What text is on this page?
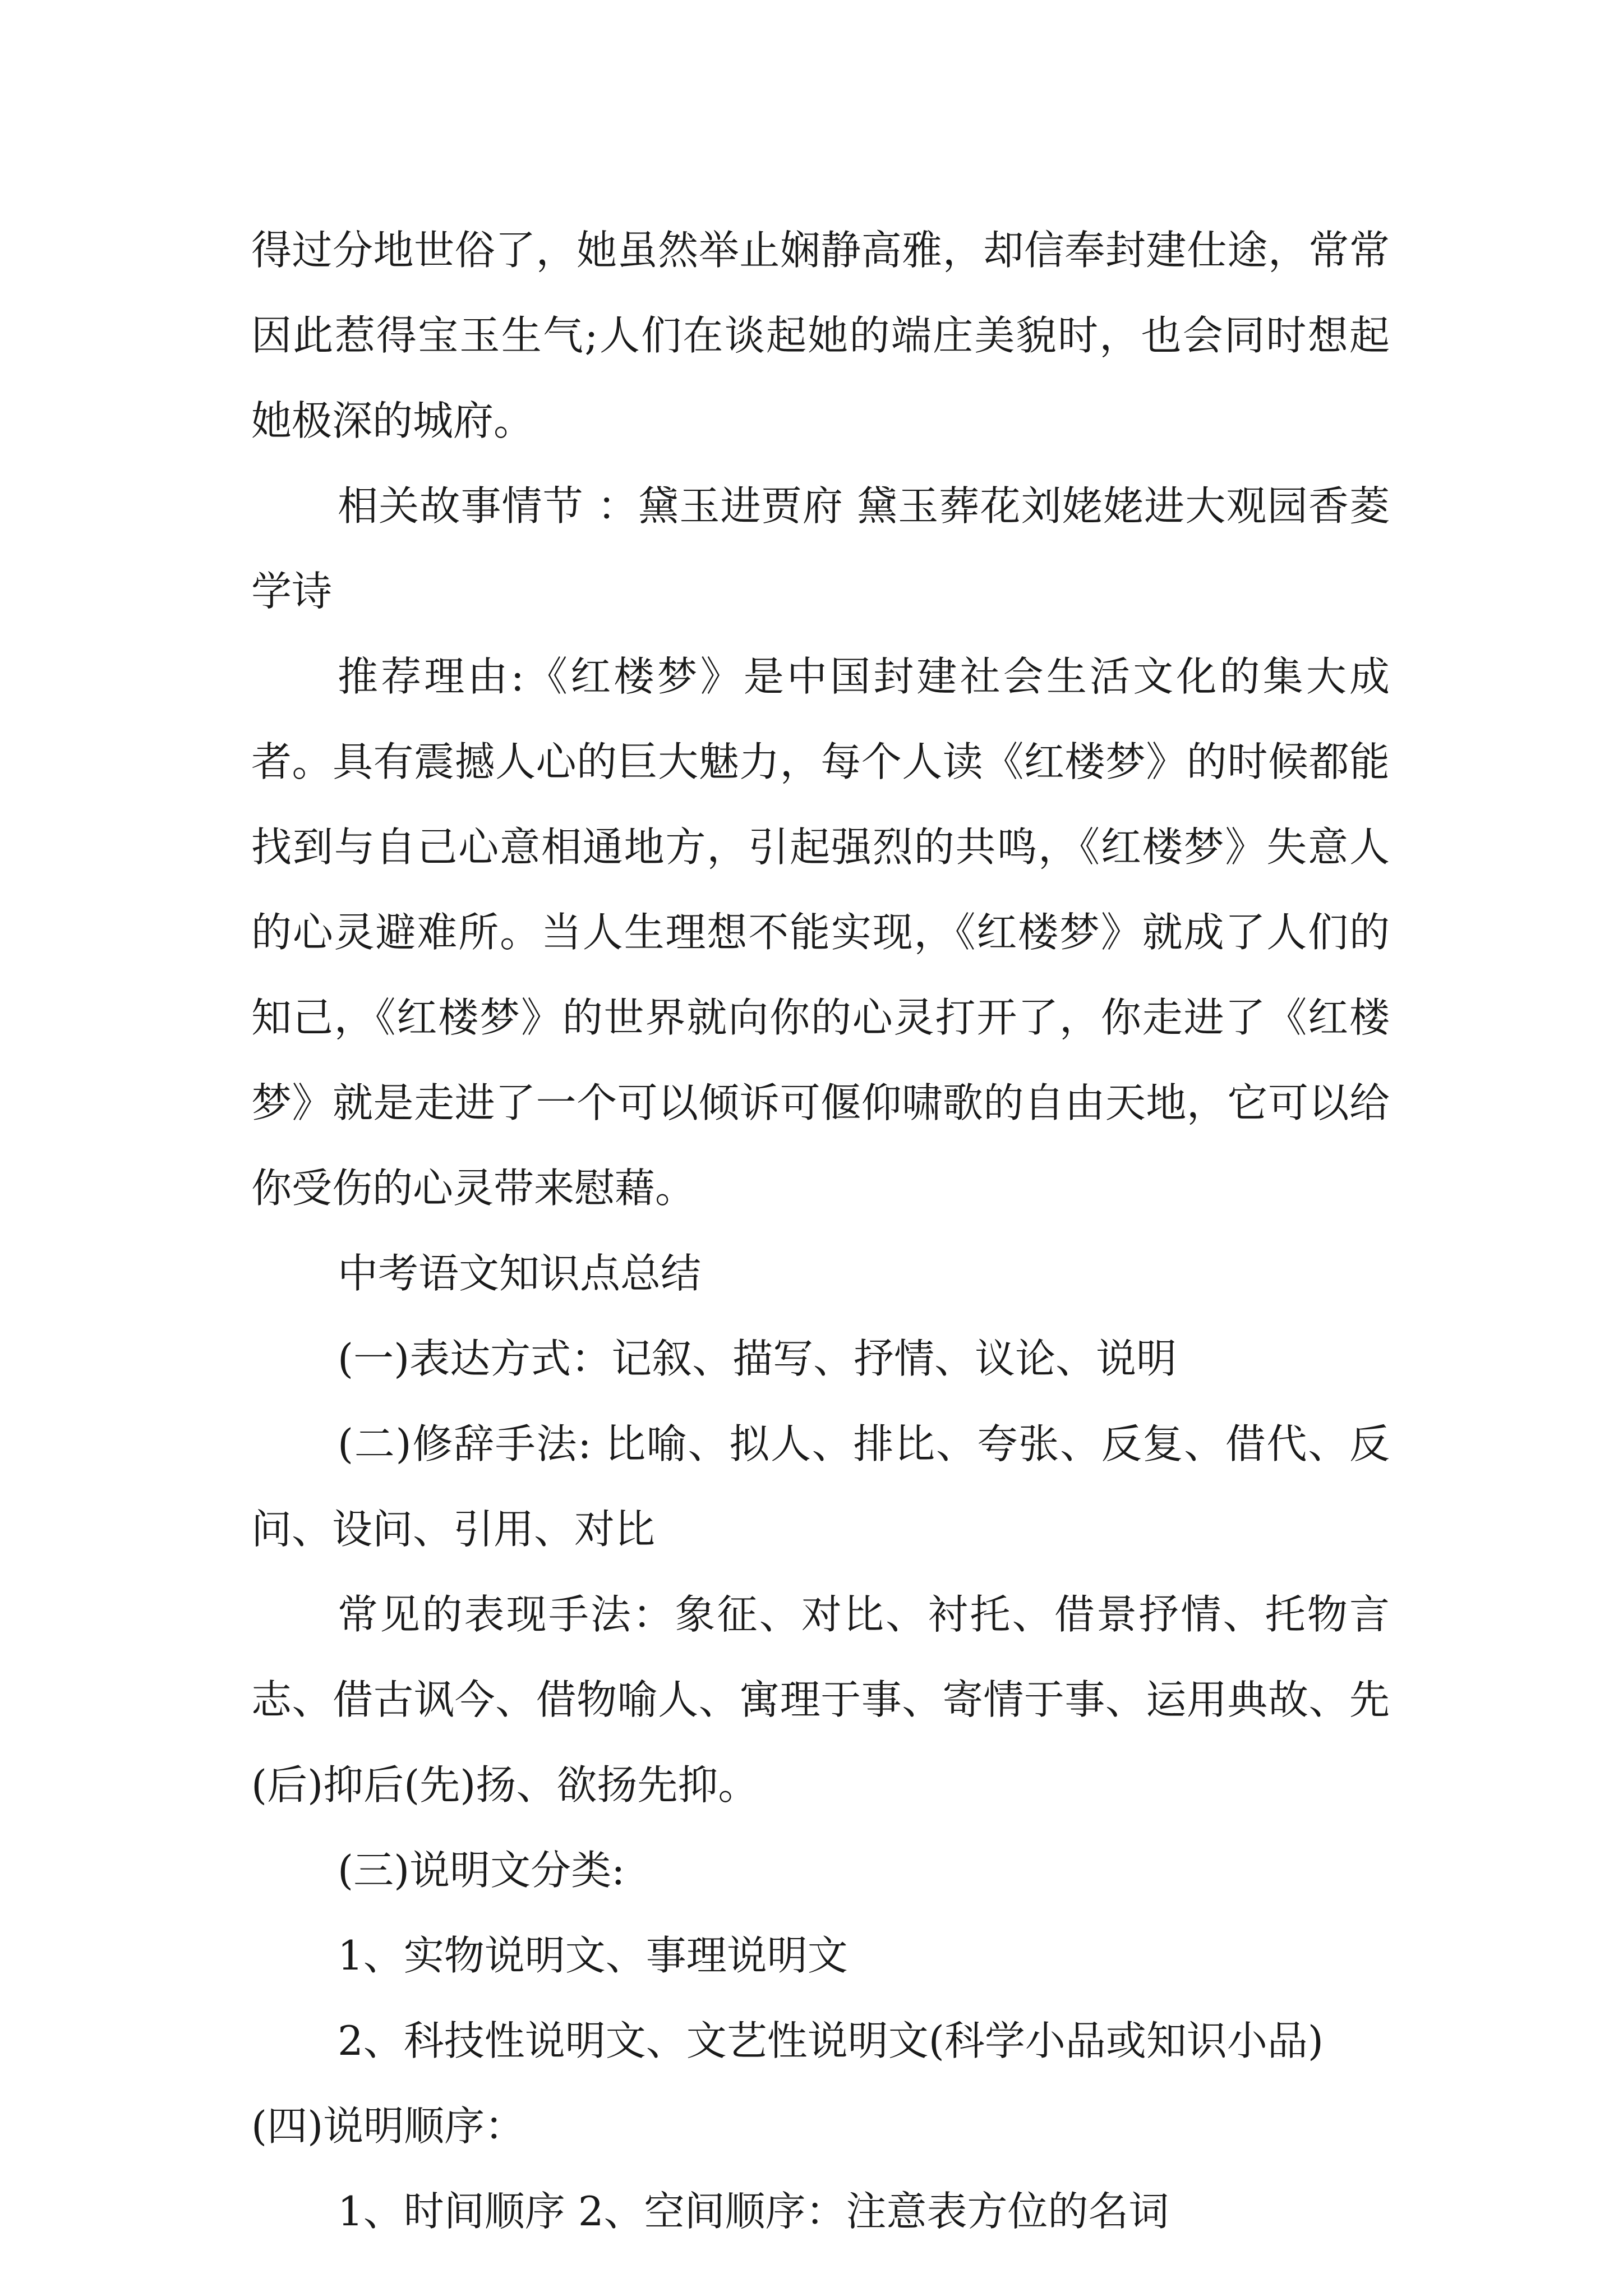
得过分地世俗了，她虽然举止娴静高雅，却信奉封建仕途，常常因此惹得宝玉生气;人们在谈起她的端庄美貌时，也会同时想起她极深的城府。

相关故事情节 ：黛玉进贾府 黛玉葬花刘姥姥进大观园香菱学诗

推荐理由:《红楼梦》是中国封建社会生活文化的集大成者。具有震撼人心的巨大魅力，每个人读《红楼梦》的时候都能找到与自己心意相通地方，引起强烈的共鸣，《红楼梦》失意人的心灵避难所。当人生理想不能实现，《红楼梦》就成了人们的知己，《红楼梦》的世界就向你的心灵打开了，你走进了《红楼梦》就是走进了一个可以倾诉可偃仰啸歌的自由天地，它可以给你受伤的心灵带来慰藉。

中考语文知识点总结

(一)表达方式：记叙、描写、抒情、议论、说明

(二)修辞手法: 比喻、拟人、排比、夸张、反复、借代、反问、设问、引用、对比

常见的表现手法：象征、对比、衬托、借景抒情、托物言志、借古讽今、借物喻人、寓理于事、寄情于事、运用典故、先(后)抑后(先)扬、欲扬先抑。

(三)说明文分类:

1、实物说明文、事理说明文

2、科技性说明文、文艺性说明文(科学小品或知识小品)

(四)说明顺序：

1、时间顺序 2、空间顺序：注意表方位的名词
